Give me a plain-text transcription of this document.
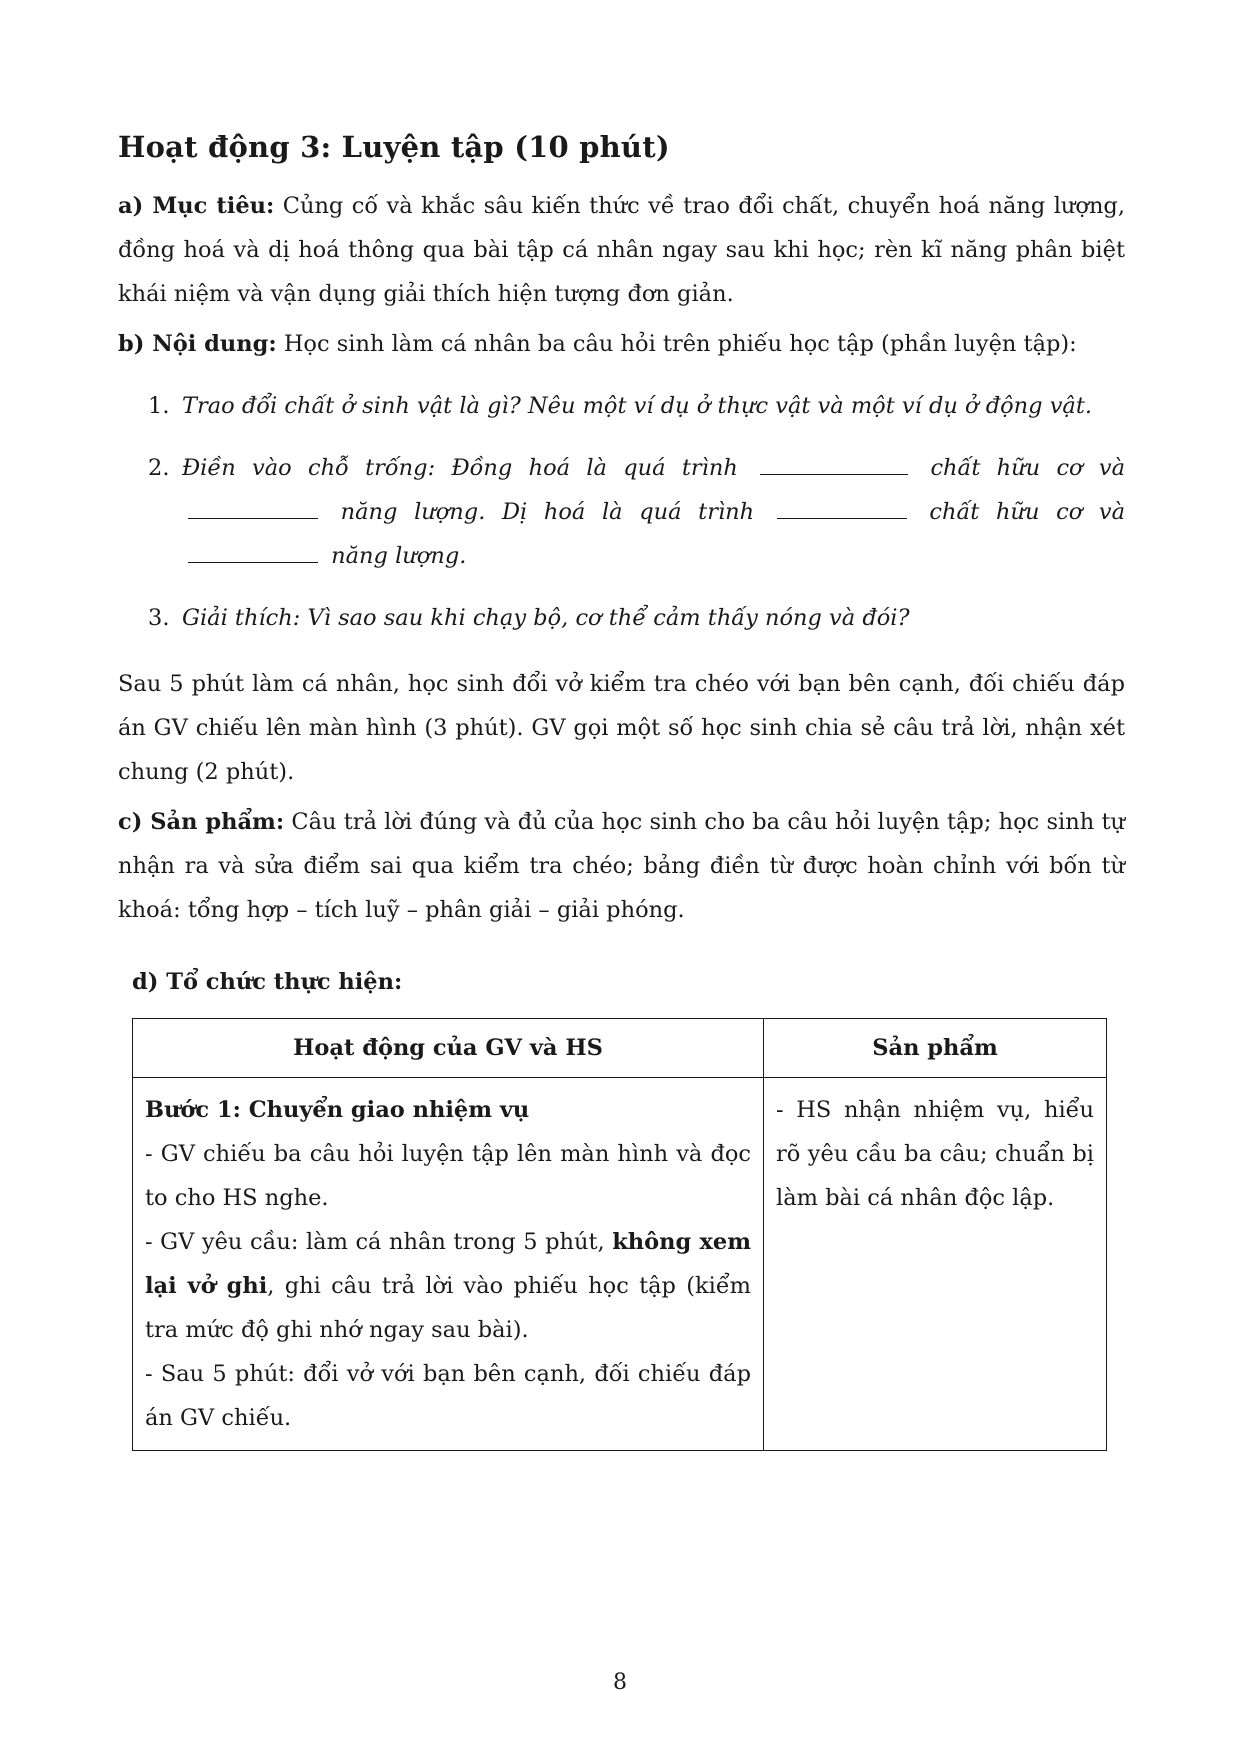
Hoạt động 3: Luyện tập (10 phút)

a) Mục tiêu: Củng cố và khắc sâu kiến thức về trao đổi chất, chuyển hoá năng lượng, đồng hoá và dị hoá thông qua bài tập cá nhân ngay sau khi học; rèn kĩ năng phân biệt khái niệm và vận dụng giải thích hiện tượng đơn giản.

b) Nội dung: Học sinh làm cá nhân ba câu hỏi trên phiếu học tập (phần luyện tập):

1. Trao đổi chất ở sinh vật là gì? Nêu một ví dụ ở thực vật và một ví dụ ở động vật.
2. Điền vào chỗ trống: Đồng hoá là quá trình	chất hữu cơ và  năng lượng. Dị hoá là quá trình	chất hữu cơ và  năng lượng.
3. Giải thích: Vì sao sau khi chạy bộ, cơ thể cảm thấy nóng và đói?

Sau 5 phút làm cá nhân, học sinh đổi vở kiểm tra chéo với bạn bên cạnh, đối chiếu đáp án GV chiếu lên màn hình (3 phút). GV gọi một số học sinh chia sẻ câu trả lời, nhận xét chung (2 phút).

c) Sản phẩm: Câu trả lời đúng và đủ của học sinh cho ba câu hỏi luyện tập; học sinh tự nhận ra và sửa điểm sai qua kiểm tra chéo; bảng điền từ được hoàn chỉnh với bốn từ khoá: tổng hợp – tích luỹ – phân giải – giải phóng.

d) Tổ chức thực hiện:
Hoạt động của GV và HS	Sản phẩm

Bước 1: Chuyển giao nhiệm vụ
- GV chiếu ba câu hỏi luyện tập lên màn hình và đọc to cho HS nghe.
- GV yêu cầu: làm cá nhân trong 5 phút, không xem lại vở ghi, ghi câu trả lời vào phiếu học tập (kiểm tra mức độ ghi nhớ ngay sau bài).
- Sau 5 phút: đổi vở với bạn bên cạnh, đối chiếu đáp án GV chiếu.	- HS nhận nhiệm vụ, hiểu rõ yêu cầu ba câu; chuẩn bị làm bài cá nhân độc lập.
8
